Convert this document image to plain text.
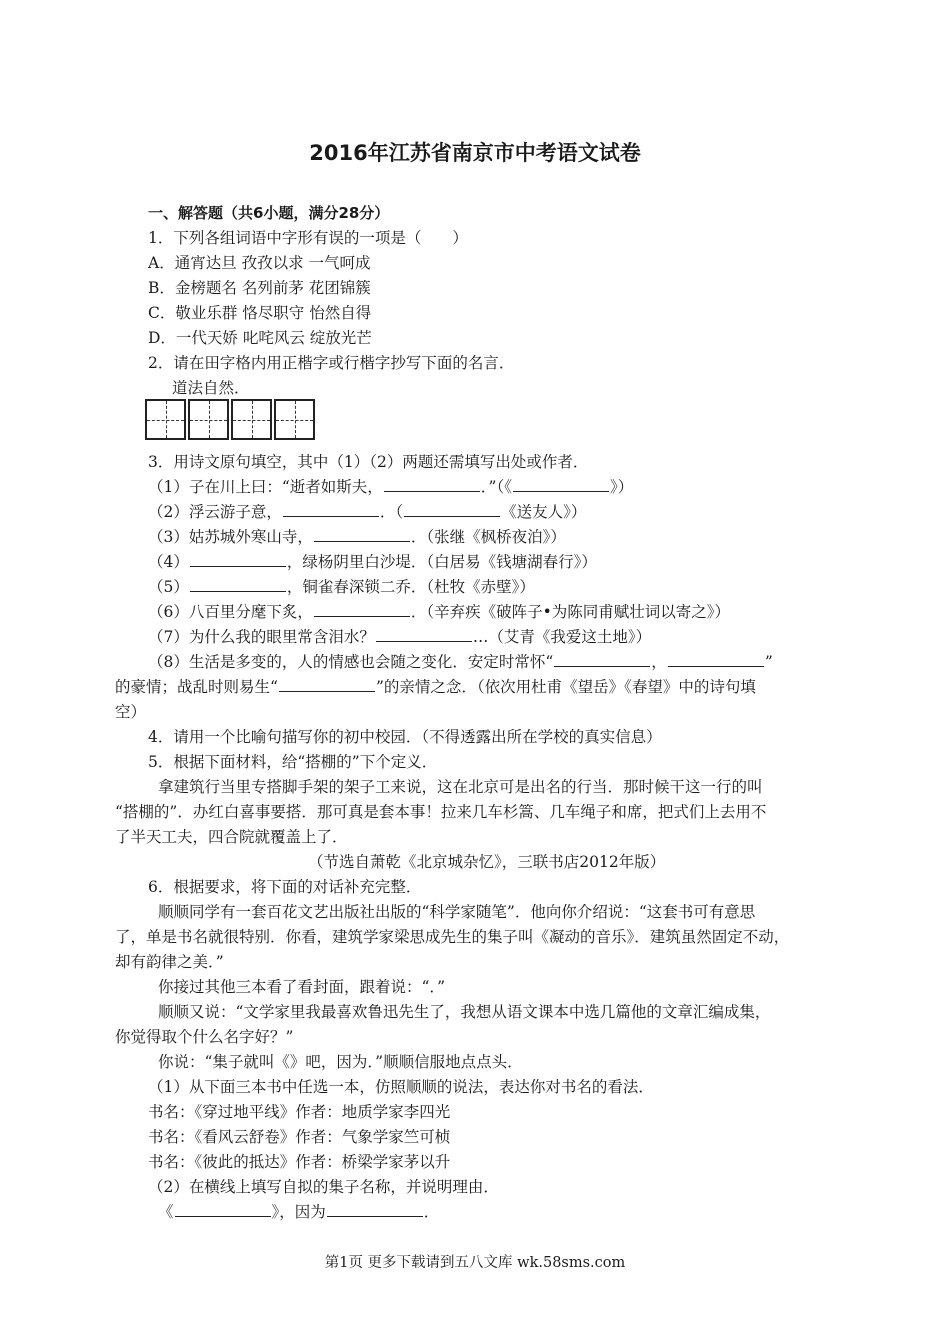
2016年江苏省南京市中考语文试卷
一、解答题（共6小题，满分28分）
1．下列各组词语中字形有误的一项是（　　）
A．通宵达旦 孜孜以求 一气呵成
B．金榜题名 名列前茅 花团锦簇
C．敬业乐群 恪尽职守 怡然自得
D．一代天娇 叱咤风云 绽放光芒
2．请在田字格内用正楷字或行楷字抄写下面的名言．
道法自然．
3．用诗文原句填空，其中（1）（2）两题还需填写出处或作者．
（1）子在川上曰：“逝者如斯夫，	．”（《	》）
（2）浮云游子意，	．（	《送友人》）
（3）姑苏城外寒山寺，	．（张继《枫桥夜泊》）
（4）	，绿杨阴里白沙堤．（白居易《钱塘湖春行》）
（5）	，铜雀春深锁二乔．（杜牧《赤壁》）
（6）八百里分麾下炙，	．（辛弃疾《破阵子•为陈同甫赋壮词以寄之》）
（7）为什么我的眼里常含泪水？	…（艾青《我爱这土地》）
（8）生活是多变的，人的情感也会随之变化．安定时常怀“	，	”
的豪情；战乱时则易生“	”的亲情之念．（依次用杜甫《望岳》《春望》中的诗句填
空）
4．请用一个比喻句描写你的初中校园．（不得透露出所在学校的真实信息）
5．根据下面材料，给“搭棚的”下个定义．
拿建筑行当里专搭脚手架的架子工来说，这在北京可是出名的行当．那时候干这一行的叫
“搭棚的”．办红白喜事要搭．那可真是套本事！拉来几车杉篙、几车绳子和席，把式们上去用不
了半天工夫，四合院就覆盖上了．
（节选自萧乾《北京城杂忆》，三联书店2012年版）
6．根据要求，将下面的对话补充完整．
顺顺同学有一套百花文艺出版社出版的“科学家随笔”．他向你介绍说：“这套书可有意思
了，单是书名就很特别．你看，建筑学家梁思成先生的集子叫《凝动的音乐》．建筑虽然固定不动，
却有韵律之美．”
你接过其他三本看了看封面，跟着说：“．”
顺顺又说：“文学家里我最喜欢鲁迅先生了，我想从语文课本中选几篇他的文章汇编成集，
你觉得取个什么名字好？”
你说：“集子就叫《》吧，因为．”顺顺信服地点点头．
（1）从下面三本书中任选一本，仿照顺顺的说法，表达你对书名的看法．
书名：《穿过地平线》作者：地质学家李四光
书名：《看风云舒卷》作者：气象学家竺可桢
书名：《彼此的抵达》作者：桥梁学家茅以升
（2）在横线上填写自拟的集子名称，并说明理由．
《	》，因为	．
第1页 更多下载请到五八文库 wk.58sms.com
